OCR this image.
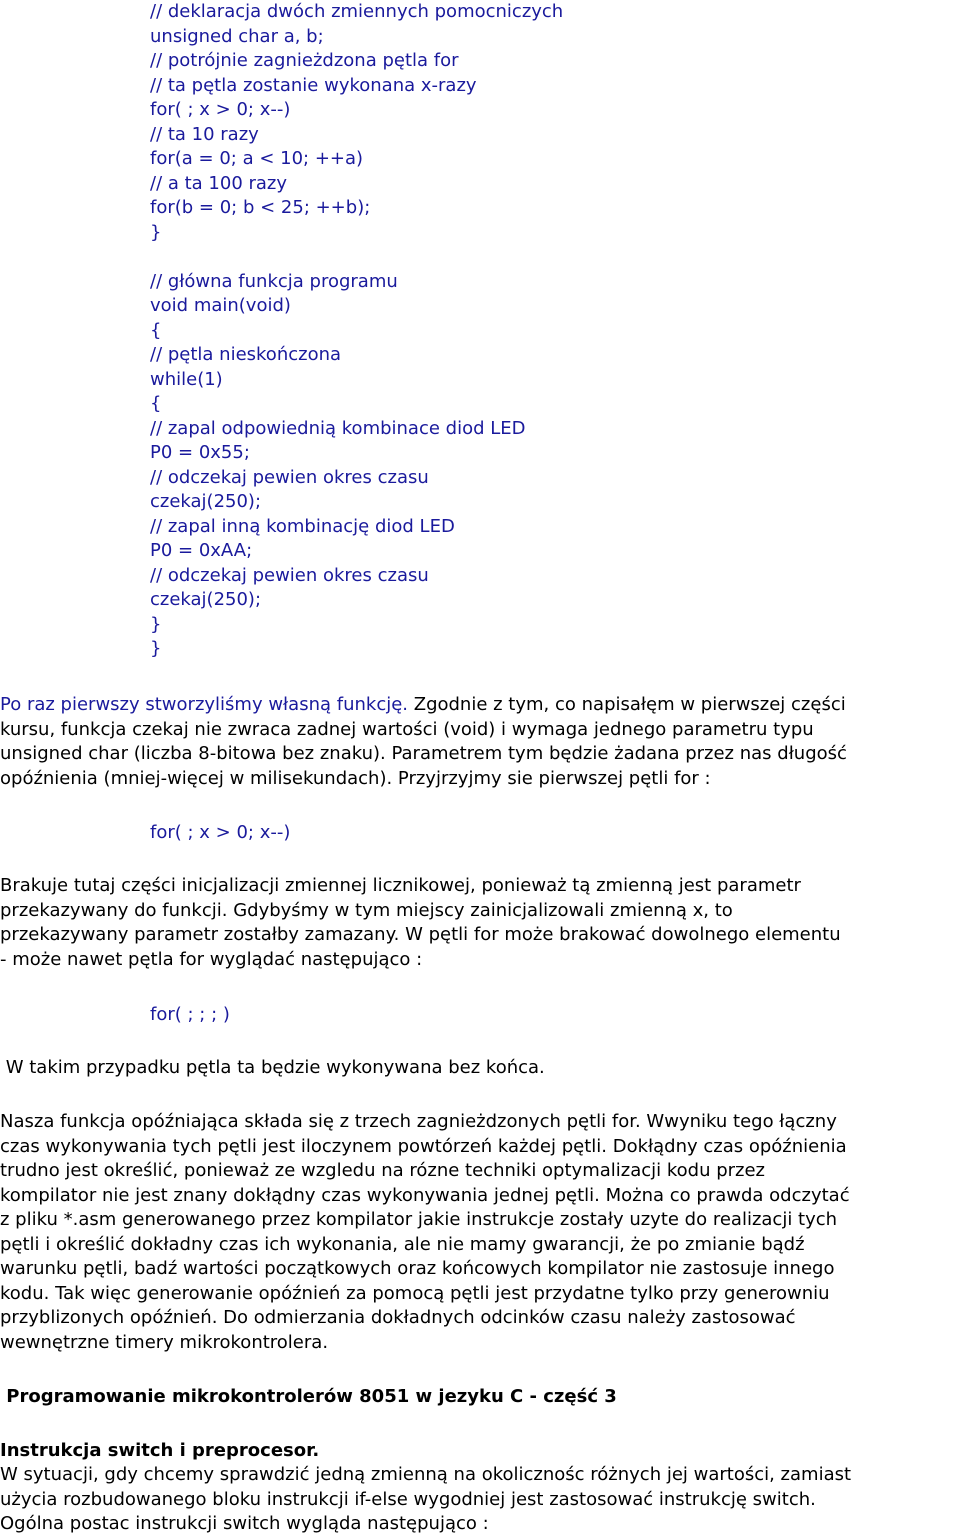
// deklaracja dwóch zmiennych pomocniczych
unsigned char a, b;
// potrójnie zagnieżdzona pętla for
// ta pętla zostanie wykonana x-razy
for( ; x > 0; x--)
// ta 10 razy
for(a = 0; a < 10; ++a)
// a ta 100 razy
for(b = 0; b < 25; ++b);
}
// główna funkcja programu
void main(void)
{
// pętla nieskończona
while(1)
{
// zapal odpowiednią kombinace diod LED
P0 = 0x55;
// odczekaj pewien okres czasu
czekaj(250);
// zapal inną kombinację diod LED
P0 = 0xAA;
// odczekaj pewien okres czasu
czekaj(250);
}
}
Po raz pierwszy stworzyliśmy własną funkcję. Zgodnie z tym, co napisałęm w pierwszej części
kursu, funkcja czekaj nie zwraca zadnej wartości (void) i wymaga jednego parametru typu
unsigned char (liczba 8-bitowa bez znaku). Parametrem tym będzie żadana przez nas długość
opóźnienia (mniej-więcej w milisekundach). Przyjrzyjmy sie pierwszej pętli for :
for( ; x > 0; x--)
Brakuje tutaj części inicjalizacji zmiennej licznikowej, ponieważ tą zmienną jest parametr
przekazywany do funkcji. Gdybyśmy w tym miejscy zainicjalizowali zmienną x, to
przekazywany parametr zostałby zamazany. W pętli for może brakować dowolnego elementu
- może nawet pętla for wyglądać następująco :
for( ; ; ; )
W takim przypadku pętla ta będzie wykonywana bez końca.
Nasza funkcja opóźniająca składa się z trzech zagnieżdzonych pętli for. Wwyniku tego łączny
czas wykonywania tych pętli jest iloczynem powtórzeń każdej pętli. Dokłądny czas opóźnienia
trudno jest określić, ponieważ ze wzgledu na rózne techniki optymalizacji kodu przez
kompilator nie jest znany dokłądny czas wykonywania jednej pętli. Można co prawda odczytać
z pliku *.asm generowanego przez kompilator jakie instrukcje zostały uzyte do realizacji tych
pętli i określić dokładny czas ich wykonania, ale nie mamy gwarancji, że po zmianie bądź
warunku pętli, badź wartości początkowych oraz końcowych kompilator nie zastosuje innego
kodu. Tak więc generowanie opóźnień za pomocą pętli jest przydatne tylko przy generowniu
przyblizonych opóźnień. Do odmierzania dokładnych odcinków czasu należy zastosować
wewnętrzne timery mikrokontrolera.
Programowanie mikrokontrolerów 8051 w jezyku C - część 3
Instrukcja switch i preprocesor.
W sytuacji, gdy chcemy sprawdzić jedną zmienną na okolicznośc różnych jej wartości, zamiast
użycia rozbudowanego bloku instrukcji if-else wygodniej jest zastosować instrukcję switch.
Ogólna postac instrukcji switch wygląda następująco :
